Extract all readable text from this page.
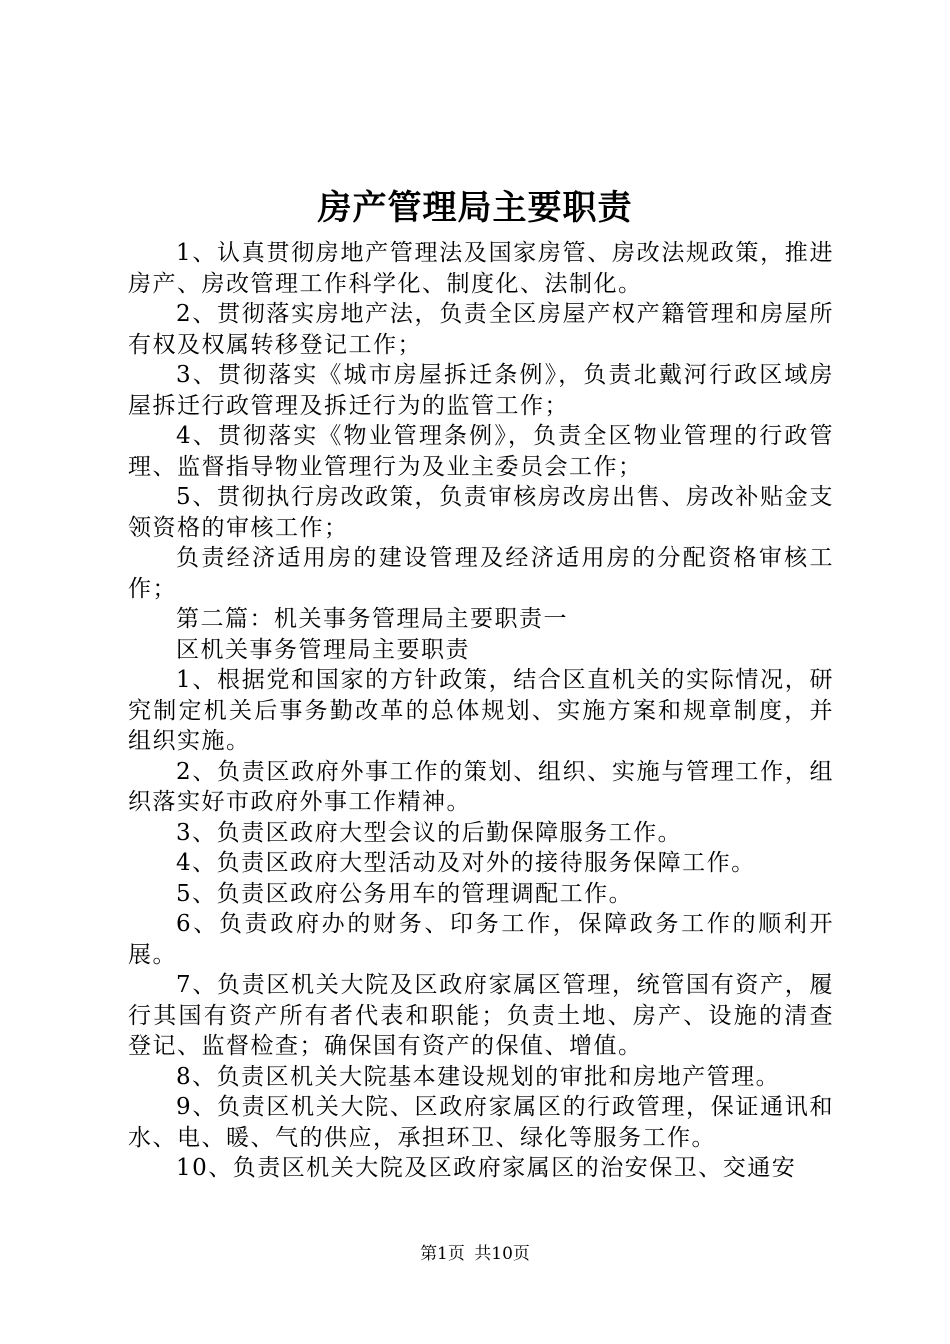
房产管理局主要职责

1、认真贯彻房地产管理法及国家房管、房改法规政策，推进房产、房改管理工作科学化、制度化、法制化。

2、贯彻落实房地产法，负责全区房屋产权产籍管理和房屋所有权及权属转移登记工作；

3、贯彻落实《城市房屋拆迁条例》，负责北戴河行政区域房屋拆迁行政管理及拆迁行为的监管工作；

4、贯彻落实《物业管理条例》，负责全区物业管理的行政管理、监督指导物业管理行为及业主委员会工作；

5、贯彻执行房改政策，负责审核房改房出售、房改补贴金支领资格的审核工作；

负责经济适用房的建设管理及经济适用房的分配资格审核工作；

第二篇：机关事务管理局主要职责一

区机关事务管理局主要职责

1、根据党和国家的方针政策，结合区直机关的实际情况，研究制定机关后事务勤改革的总体规划、实施方案和规章制度，并组织实施。

2、负责区政府外事工作的策划、组织、实施与管理工作，组织落实好市政府外事工作精神。

3、负责区政府大型会议的后勤保障服务工作。

4、负责区政府大型活动及对外的接待服务保障工作。

5、负责区政府公务用车的管理调配工作。

6、负责政府办的财务、印务工作，保障政务工作的顺利开展。

7、负责区机关大院及区政府家属区管理，统管国有资产，履行其国有资产所有者代表和职能；负责土地、房产、设施的清查登记、监督检查；确保国有资产的保值、增值。

8、负责区机关大院基本建设规划的审批和房地产管理。

9、负责区机关大院、区政府家属区的行政管理，保证通讯和水、电、暖、气的供应，承担环卫、绿化等服务工作。

10、负责区机关大院及区政府家属区的治安保卫、交通安

第1页 共10页
